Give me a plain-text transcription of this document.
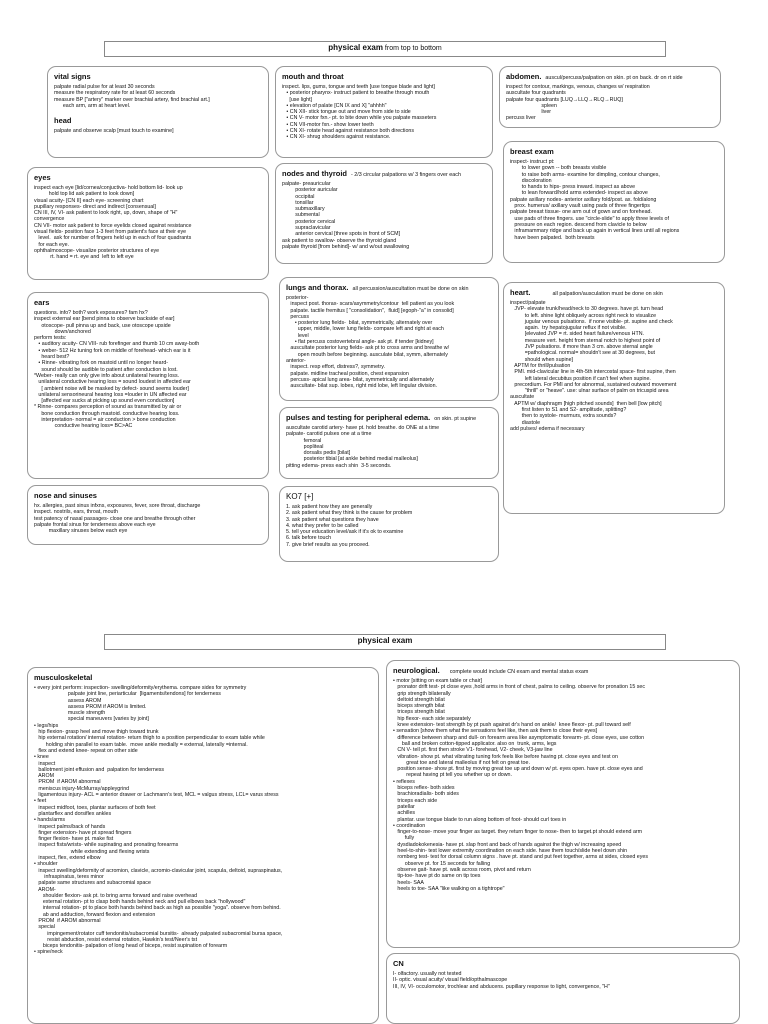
physical exam from top to bottom
vital signs
palpate radial pulse for at least 30 seconds
measure the respiratory rate for at least 60 seconds
measure BP ["artery" marker over brachial artery, find brachial art.]
each arm, arm at heart level.
head
palpate and observe scalp [must touch to examine]
mouth and throat
inspect. lips, gums, tongue and teeth [use tongue blade and light]
• posterior pharynx- instruct patient to breathe through mouth
[use light]
• elevation of palate [CN IX and X] "ahhhh"
• CN XII- stick tongue out and move from side to side
• CN V- motor fxn.- pt. to bite down while you palpate masseters
• CN VII-motor fxn.- show lower teeth
• CN XI- rotate head against resistance both directions
• CN XI- shrug shoulders against resistance.
abdomen. auscul/percuss/palpation on skin. pt on back. dr on rt side
inspect for contour, markings, venous, changes w/ respiration
auscultate four quadrants
palpate four quadrants [LUQ→LLQ→RLQ→RUQ]
spleen
liver
percuss liver
eyes
inspect each eye [lid/cornea/conjuctiva- hold bottom lid- look up
hold top lid ask patient to look down]
visual acuity- [CN II] each eye- screening chart
pupillary responses- direct and indirect [consensual]
CN III, IV, VI- ask patient to look right, up, down, shape of "H"
convergence
CN VII- motor ask patient to force eyelids closed against resistance
visual fields- position face 1-3 feet from patient's face at their eye
level.  ask for number of fingers held up in each of four quadrants
for each eye.
ophthalmoscope- visualize posterior structures of eye
rt. hand = rt. eye and  left to left eye
nodes and thyroid - 2/3 circular palpations w/ 3 fingers over each
palpate- preauricular
posterior auricular
occipital
tonsillar
submaxillary
submental
posterior cervical
supraclavicular
anterior cervical [three spots in front of SCM]
ask patient to swallow- observe the thyroid gland
palpate thyroid [from behind]- w/ and w/out swallowing
breast exam
inspect- instruct pt:
to lower gown -- both breasts visible
to raise both arms- examine for dimpling, contour changes,
discoloration
to hands to hips- press inward. inspect as above
to lean forward/hold arms extended- inspect as above
palpate axillary nodes- anterior axillary fold/post. ax. fold/along
prox. humerus/ axillary vault using pads of three fingertips
palpate breast tissue- one arm out of gown and on forehead.
use pads of three fingers. use "circle-slide" to apply three levels of
pressure on each region. descend from clavicle to below
inframammary ridge and back up again in vertical lines until all regions
have been palpated.  both breasts
ears
questions. info? both? work exposures? fam hx?
inspect external ear [bend pinna to observe backside of ear]
otoscope- pull pinna up and back, use otoscope upside
down/anchored
perform tests:
• auditory acuity- CN VIII- rub forefinger and thumb 10 cm away-both
• weber- 512 Hz tuning fork on middle of forehead- which ear is it
heard best?
• Rinne- vibrating fork on mastoid until no longer heard-
sound should be audible to patient after conduction is lost.
*Weber- really can only give info about unilateral hearing loss.
unilateral conductive hearing loss = sound loudest in affected ear
[ ambient noise will be masked by defect- sound seems louder]
unilateral sensorineural hearing loss =louder in UN affected ear
[affected ear sucks at picking up sound even conduction]
* Rinne- compares perception of sound as transmitted by air or
bone conduction through mastoid. conductive hearing loss.
interpretation- normal = air conduction > bone conduction
conductive hearing loss= BC>AC
lungs and thorax. all percussion/auscultation must be done on skin
posterior-
inspect post. thorax- scars/asymmetry/contour  tell patient as you look
palpate. tactile fremitus [ "consolidation",  fluid] [egoph-"a" in consolid]
percuss
• posterior lung fields-  bilat, symmetrically, alternately over
upper, middle, lower lung fields- compare left and right at each
level
• flat percuss costovertebral angle- ask pt. if tender [kidney]
auscultate posterior lung fields- ask pt to cross arms and breathe w/
open mouth before beginning. ausculate bilat, symm, alternately
anterior-
inspect. resp effort, distress?, symmetry.
palpate. midline tracheal position, chest expansion
percuss- apical lung area- bilat, symmetrically and alternately
auscultate- bilat sup. lobes, right mid lobe, left lingular division.
heart.	all palpation/ausculation must be done on skin
inspect/palpate
JVP- elevate trunk/head/neck to 30 degrees. have pt. turn head
to left. shine light obliquely across right neck to visualize
jugular venous pulsations.  if none visible- pt. supine and check
again.  try hepatojugular reflux if not visible.
[elevated JVP = rt. sided heart failure/venous HTN.
measure vert. height from sternal notch to highest point of
JVP pulsations. if more than 3 cm. above sternal angle
=pathological. normal= shouldn't see at 30 degrees, but
should when supine]
APTM for thrill/pulsation
PMI. mid-clavicular line in 4th-5th intercostal space- first supine, then
left lateral decubitus position if can't feel when supine.
precordium. For PMI and for abnormal, sustained outward movement
"thrill" or "heave". use: ulnar surface of palm on tricuspid area
auscultate
APTM w/ diaphragm [high pitched sounds]  then bell [low pitch]
first listen to S1 and S2- amplitude, splitting?
then to systole- murmurs, extra sounds?
diastole
add pulses/ edema if necessary
pulses and testing for peripheral edema. on skin. pt supine
auscultate carotid artery- have pt. hold breathe. do ONE at a time
palpate- carotid pulses one at a time
femoral
popliteal
dorsalis pedis [bilat]
posterior tibial [at ankle behind medial malleolus]
pitting edema- press each shin  3-5 seconds.
nose and sinuses
hx. allergies, past sinus infxns, exposures, fever, sore throat, discharge
inspect. nostrils, ears, throat, mouth
test patency of nasal passages- close one and breathe through other
palpate frontal sinus for tenderness above each eye
maxillary sinuses below each eye
KO7 [+]
1. ask patient how they are generally
2. ask patient what they think is the cause for problem
3. ask patient what questions they have
4. what they prefer to be called
5. tell your education level/ask if it's ok to examine
6. talk before touch
7. give brief results as you proceed.
physical exam
musculoskeletal
• every joint perform: inspection- swelling/deformity/erythema. compare sides for symmetry
palpate joint line, periarticular  [ligaments/tendons] for tenderness
assess AROM
assess PROM if AROM is limited.
muscle strength
special maneuvers [varies by joint]
• legs/hips
hip flexion- grasp heel and move thigh toward trunk
hip external rotation/ internal rotation- return thigh to a position perpendicular to exam table while
holding shin parallel to exam table.  move ankle medially = external, laterally =internal.
flex and extend knee- repeat on other side
• knee
inspect
ballotment joint effusion and  palpation for tenderness
AROM
PROM  if AROM abnormal
meniscus injury-McMurray/appleygrind
ligamentous injury- ACL = anterior drawer or Lachmann's test, MCL = valgus stress, LCL= varus stress
• feet
inspect midfoot, toes, plantar surfaces of both feet
plantarflex and dorsiflex ankles
• hands/arms
inspect palms/back of hands
finger extension- have pt spread fingers
finger flexion- have pt. make fist
inspect fists/wrists- while supinating and pronating forearms
while extending and flexing wrists
inspect, flex, extend elbow
• shoulder
inspect swelling/deformity of acromion, clavicle, acromio-clavicular joint, scapula, deltoid, supraspinatus,
infraspinatus, teres minor
palpate same structures and subacromial space
AROM-
shoulder flexion- ask pt. to bring arms forward and raise overhead
external rotation- pt to clasp both hands behind neck and pull elbows back "hollywood"
internal rotation- pt to place both hands behind back as high as possible "yoga". observe from behind.
ab and adduction, forward flexion and extension
PROM  if AROM abnormal
special
impingement/rotator cuff tendonitis/subacromial bursitis-  already palpated subacromial bursa space,
resist abduction, resist external rotation, Hawkin's test/Neer's tst
biceps tendonitis- palpation of long head of biceps, resist supination of forearm
• spine/neck
neurological. complete would include CN exam and mental status exam
• motor [sitting on exam table or chair]
pronator drift test- pt close eyes ,hold arms in front of chest, palms to ceiling. observe for pronation 15 sec
grip strength bilaterally
deltoid strength bilat
biceps strength bilat
triceps strength bilat
hip flexor- each side separately
knee extension- test strength by pt push against dr's hand on ankle/  knee flexor- pt. pull toward self
• sensation [show them what the sensations feel like, then ask them to close their eyes]
difference between sharp and dull- on forearm area like asymptomatic forearm- pt. close eyes, use cotton
ball and broken cotton-tipped applicator. also on  trunk, arms, legs
CN V- tell pt. first then stroke V1- forehead, V2- cheek, V3-jaw line
vibration- show pt. what vibrating tuning fork feels like before having pt. close eyes and test on
great toe and lateral malleolus if not felt on great toe.
position sense- show pt. first by moving great toe up and down w/ pt. eyes open. have pt. close eyes and
repeat having pt tell you whether up or down.
• reflexes
biceps reflex- both sides
brachioradialis- both sides
triceps each side
patellar
achilles
plantar. use tongue blade to run along bottom of foot- should curl toes in
• coordination
finger-to-nose- move your finger as target. they return finger to nose- then to target.pt should extend arm
fully
dysdiadokokenesia- have pt. slap front and back of hands against the thigh w/ increasing speed
heel-to-shin- test lower extremity coordination on each side. have them touch/slide heel down shin
romberg test- test for dorsal column signs . have pt. stand and put feet together, arms at sides, closed eyes
observe pt. for 15 seconds for falling
observe gait- have pt. walk across room, pivot and return
tip-toe- have pt do same on tip toes
heels- SAA
heels to toe- SAA "like walking on a tightrope"
CN
I- olfactory. usually not tested
II- optic. visual acuity/ visual field/opthalmascope
III, IV, VI- occulomotor, trochlear and abducens. pupillary response to light, convergence, "H"
